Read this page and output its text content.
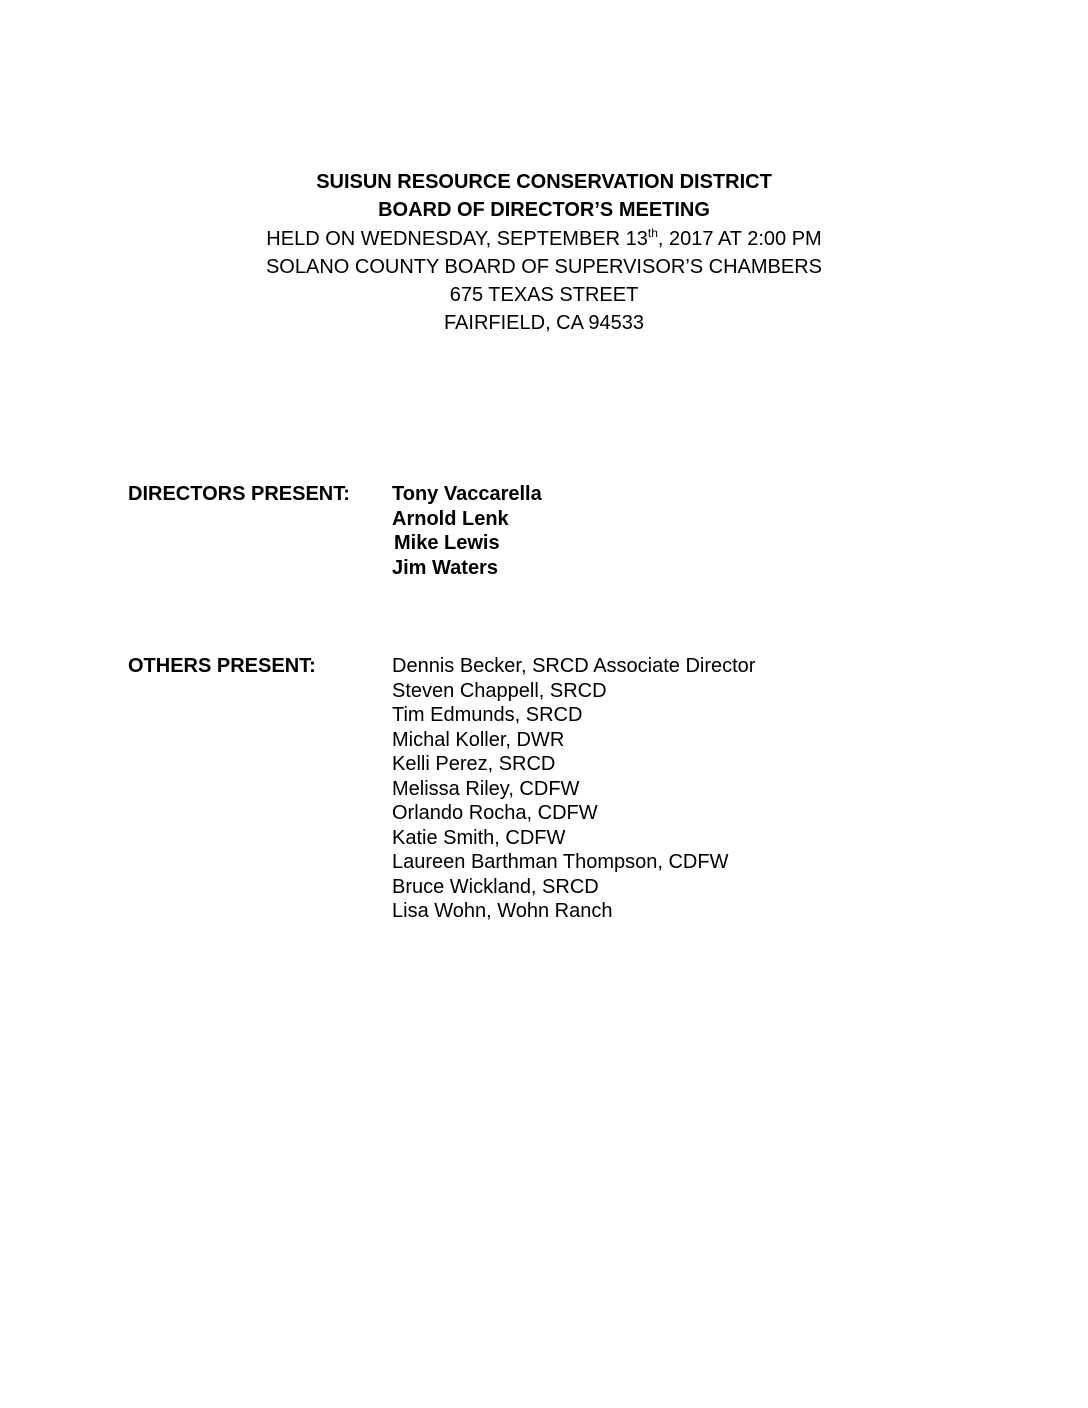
SUISUN RESOURCE CONSERVATION DISTRICT
BOARD OF DIRECTOR’S MEETING
HELD ON WEDNESDAY, SEPTEMBER 13th, 2017 AT 2:00 PM
SOLANO COUNTY BOARD OF SUPERVISOR’S CHAMBERS
675 TEXAS STREET
FAIRFIELD, CA 94533
DIRECTORS PRESENT: Tony Vaccarella
Arnold Lenk
Mike Lewis
Jim Waters
OTHERS PRESENT:	Dennis Becker, SRCD Associate Director
Steven Chappell, SRCD
Tim Edmunds, SRCD
Michal Koller, DWR
Kelli Perez, SRCD
Melissa Riley, CDFW
Orlando Rocha, CDFW
Katie Smith, CDFW
Laureen Barthman Thompson, CDFW
Bruce Wickland, SRCD
Lisa Wohn, Wohn Ranch
